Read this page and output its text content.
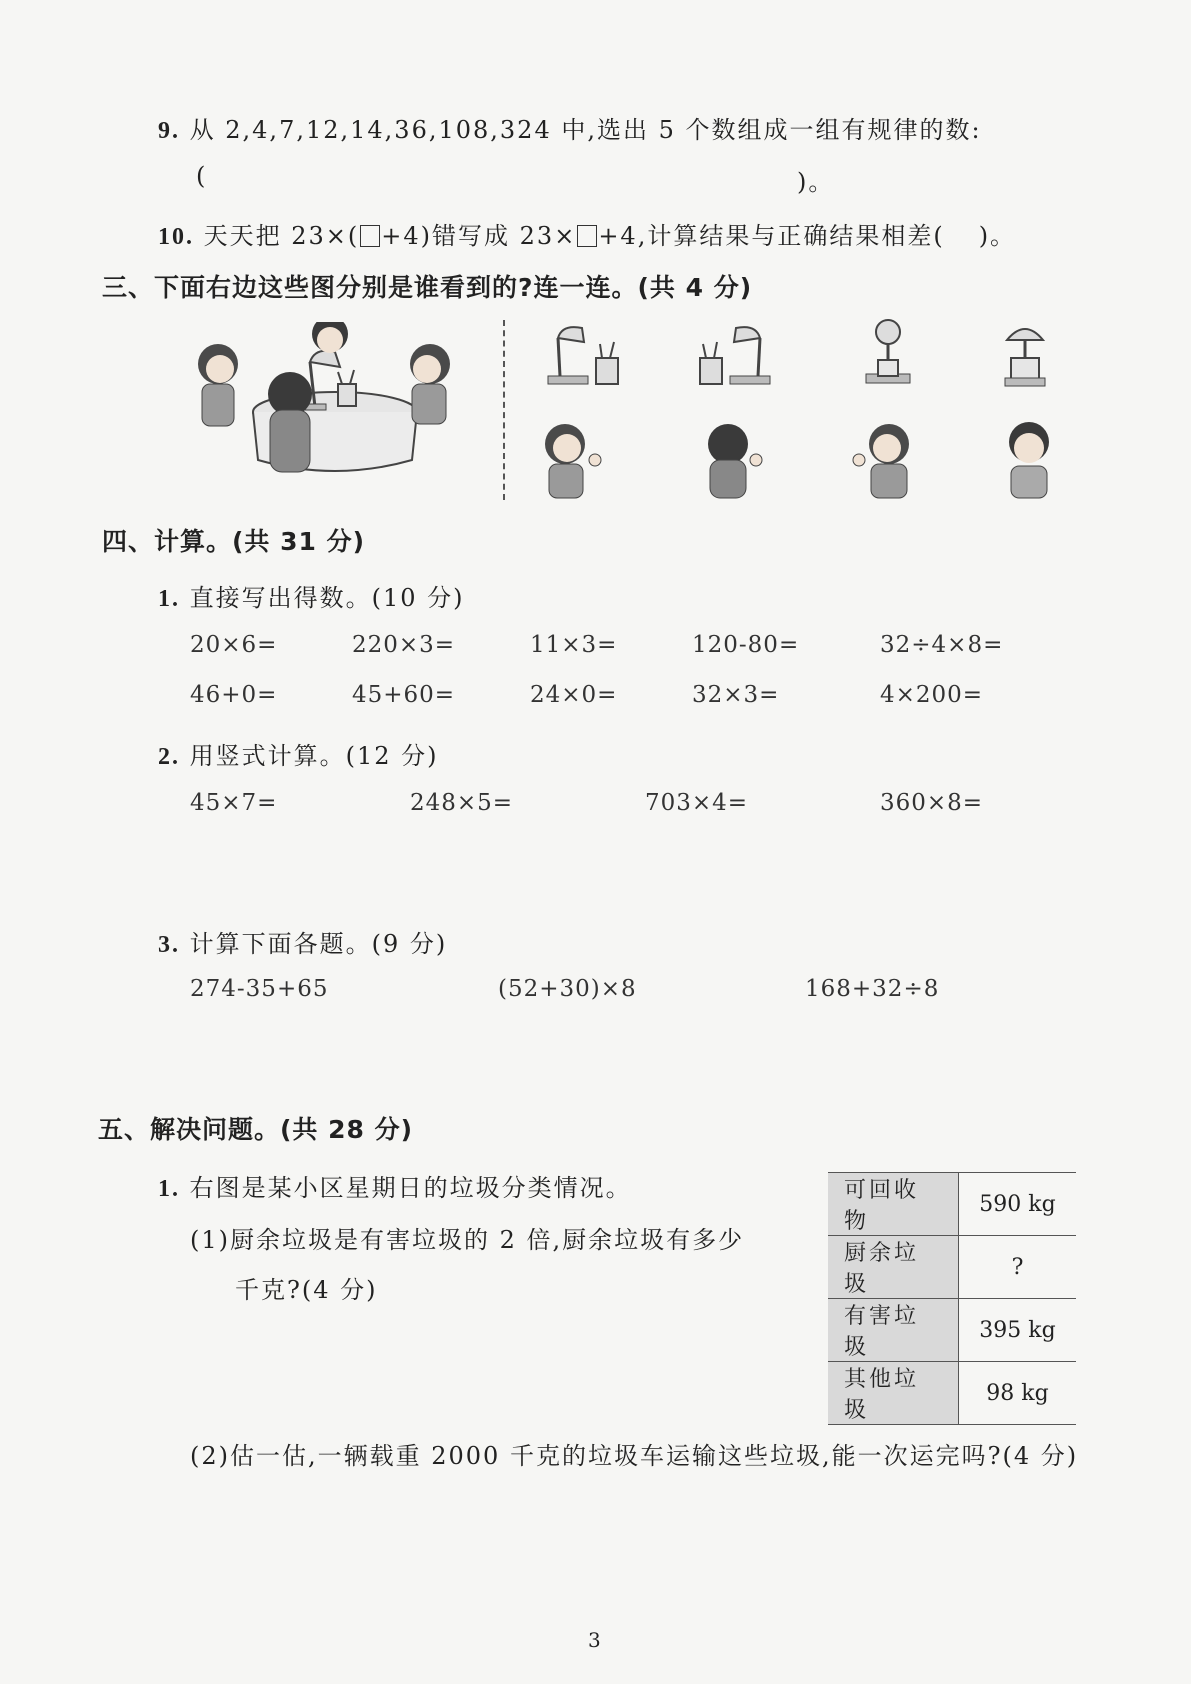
9. 从 2,4,7,12,14,36,108,324 中,选出 5 个数组成一组有规律的数:
(	)。
10. 天天把 23×( +4)错写成 23× +4,计算结果与正确结果相差( )。
三、下面右边这些图分别是谁看到的?连一连。(共 4 分)
四、计算。(共 31 分)
1. 直接写出得数。(10 分)
20×6=	220×3=	11×3=	120-80=	32÷4×8=
46+0=	45+60=	24×0=	32×3=	4×200=
2. 用竖式计算。(12 分)
45×7=	248×5=	703×4=	360×8=
3. 计算下面各题。(9 分)
274-35+65	(52+30)×8	168+32÷8
五、解决问题。(共 28 分)
1. 右图是某小区星期日的垃圾分类情况。
(1)厨余垃圾是有害垃圾的 2 倍,厨余垃圾有多少
千克?(4 分)
可回收物	590 kg
厨余垃圾	?
有害垃圾	395 kg
其他垃圾	98 kg
(2)估一估,一辆载重 2000 千克的垃圾车运输这些垃圾,能一次运完吗?(4 分)
3
